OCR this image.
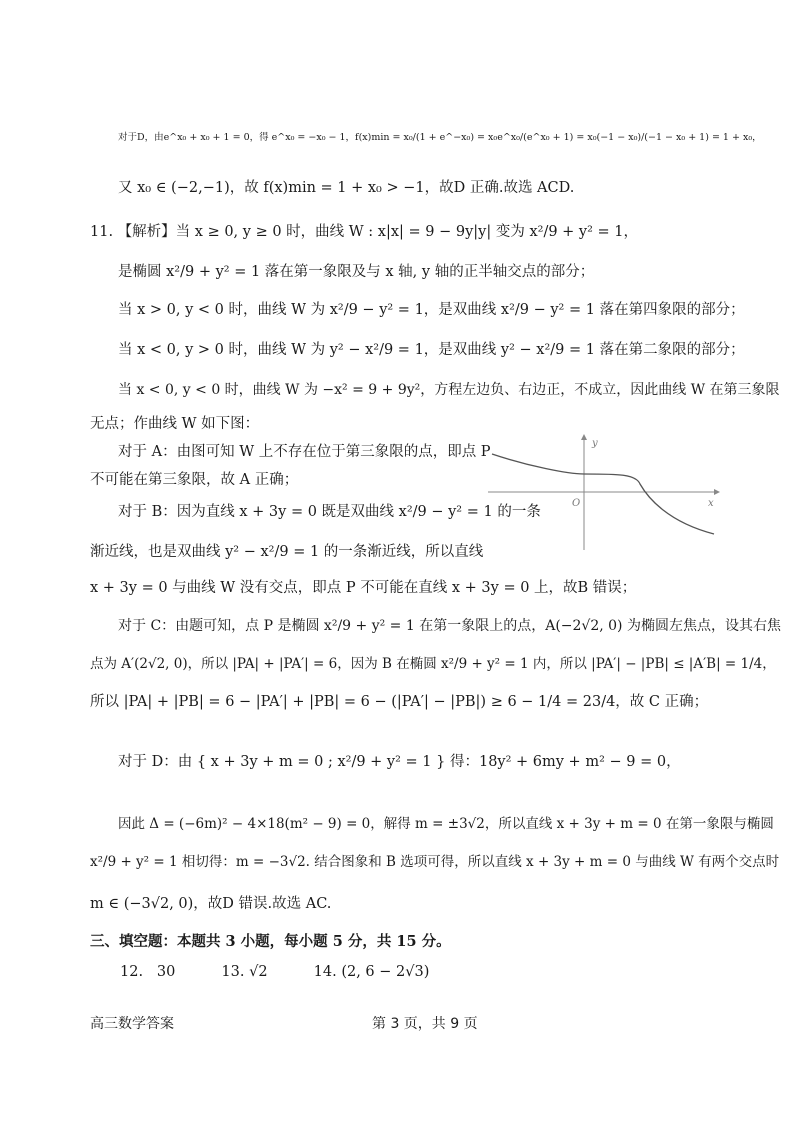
对于D，由e^x₀ + x₀ + 1 = 0，得 e^x₀ = −x₀ − 1，f(x)min = x₀/(1 + e^−x₀) = x₀e^x₀/(e^x₀ + 1) = x₀(−1 − x₀)/(−1 − x₀ + 1) = 1 + x₀，
又 x₀ ∈ (−2,−1)，故 f(x)min = 1 + x₀ > −1，故D 正确.故选 ACD.
11. 【解析】当 x ≥ 0, y ≥ 0 时，曲线 W : x|x| = 9 − 9y|y| 变为 x²/9 + y² = 1，
是椭圆 x²/9 + y² = 1 落在第一象限及与 x 轴, y 轴的正半轴交点的部分；
当 x > 0, y < 0 时，曲线 W 为 x²/9 − y² = 1，是双曲线 x²/9 − y² = 1 落在第四象限的部分；
当 x < 0, y > 0 时，曲线 W 为 y² − x²/9 = 1，是双曲线 y² − x²/9 = 1 落在第二象限的部分；
当 x < 0, y < 0 时，曲线 W 为 −x² = 9 + 9y²，方程左边负、右边正，不成立，因此曲线 W 在第三象限
无点；作曲线 W 如下图：
对于 A：由图可知 W 上不存在位于第三象限的点，即点 P
不可能在第三象限，故 A 正确；
对于 B：因为直线 x + 3y = 0 既是双曲线 x²/9 − y² = 1 的一条
渐近线，也是双曲线 y² − x²/9 = 1 的一条渐近线，所以直线
x + 3y = 0 与曲线 W 没有交点，即点 P 不可能在直线 x + 3y = 0 上，故B 错误；
对于 C：由题可知，点 P 是椭圆 x²/9 + y² = 1 在第一象限上的点，A(−2√2, 0) 为椭圆左焦点，设其右焦
点为 A′(2√2, 0)，所以 |PA| + |PA′| = 6，因为 B 在椭圆 x²/9 + y² = 1 内，所以 |PA′| − |PB| ≤ |A′B| = 1/4，
所以 |PA| + |PB| = 6 − |PA′| + |PB| = 6 − (|PA′| − |PB|) ≥ 6 − 1/4 = 23/4，故 C 正确；
对于 D：由 { x + 3y + m = 0 ; x²/9 + y² = 1 } 得：18y² + 6my + m² − 9 = 0，
因此 Δ = (−6m)² − 4×18(m² − 9) = 0，解得 m = ±3√2，所以直线 x + 3y + m = 0 在第一象限与椭圆
x²/9 + y² = 1 相切得：m = −3√2. 结合图象和 B 选项可得，所以直线 x + 3y + m = 0 与曲线 W 有两个交点时
m ∈ (−3√2, 0)，故D 错误.故选 AC.
三、填空题：本题共 3 小题，每小题 5 分，共 15 分。
12.   30          13. √2          14. (2, 6 − 2√3)
y
x
O
高三数学答案	第 3 页，共 9 页
